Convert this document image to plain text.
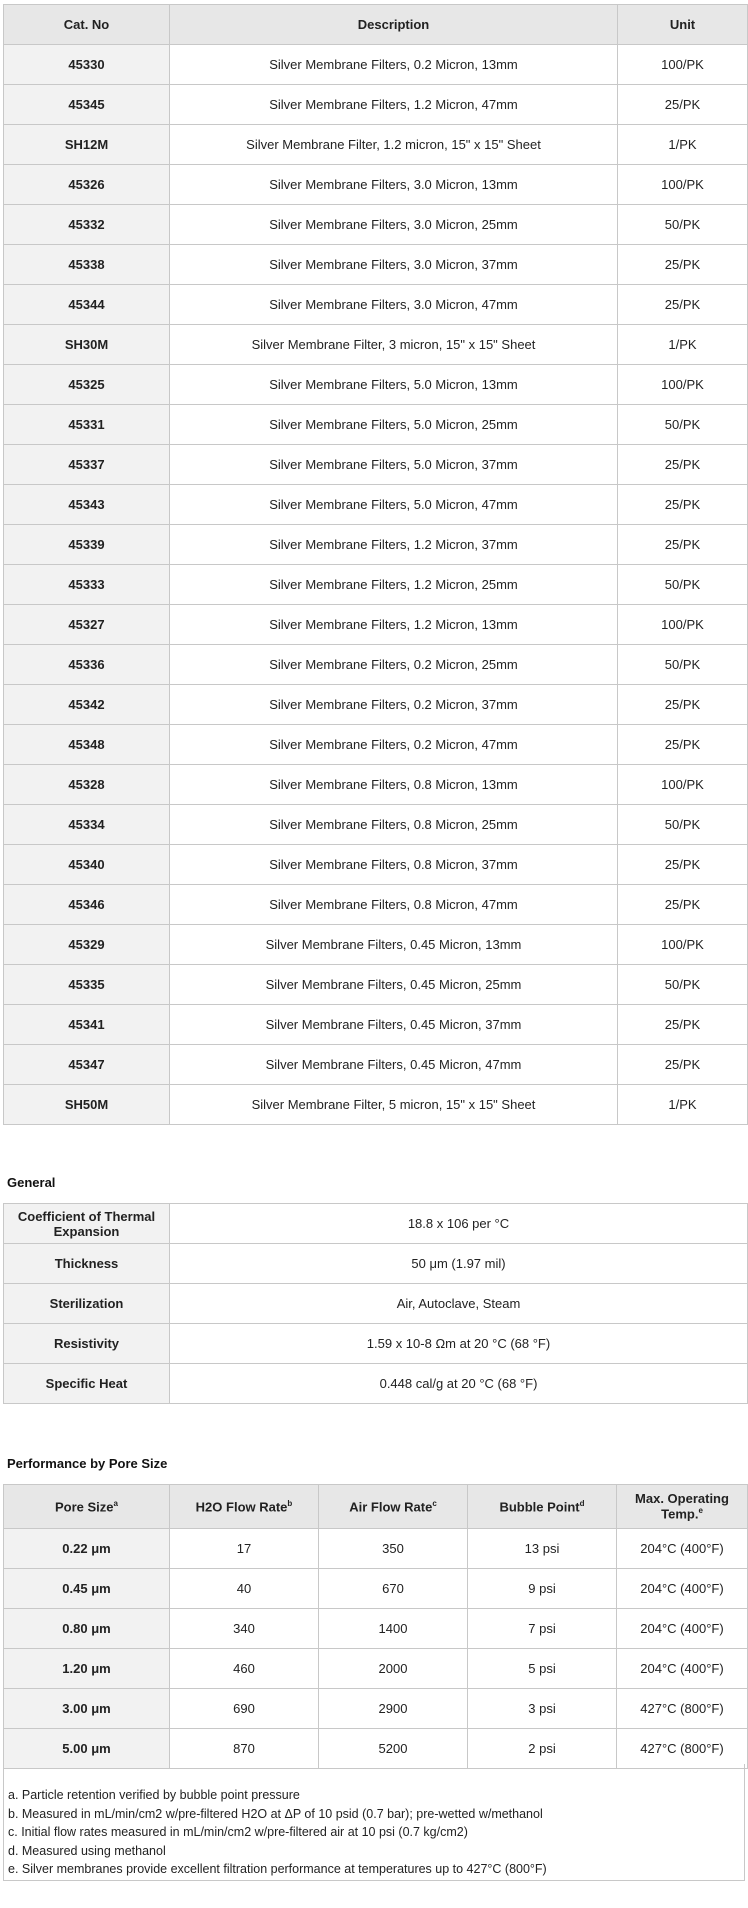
Cat. No	Description	Unit
45330	Silver Membrane Filters, 0.2 Micron, 13mm	100/PK
45345	Silver Membrane Filters, 1.2 Micron, 47mm	25/PK
SH12M	Silver Membrane Filter, 1.2 micron, 15" x 15" Sheet	1/PK
45326	Silver Membrane Filters, 3.0 Micron, 13mm	100/PK
45332	Silver Membrane Filters, 3.0 Micron, 25mm	50/PK
45338	Silver Membrane Filters, 3.0 Micron, 37mm	25/PK
45344	Silver Membrane Filters, 3.0 Micron, 47mm	25/PK
SH30M	Silver Membrane Filter, 3 micron, 15" x 15" Sheet	1/PK
45325	Silver Membrane Filters, 5.0 Micron, 13mm	100/PK
45331	Silver Membrane Filters, 5.0 Micron, 25mm	50/PK
45337	Silver Membrane Filters, 5.0 Micron, 37mm	25/PK
45343	Silver Membrane Filters, 5.0 Micron, 47mm	25/PK
45339	Silver Membrane Filters, 1.2 Micron, 37mm	25/PK
45333	Silver Membrane Filters, 1.2 Micron, 25mm	50/PK
45327	Silver Membrane Filters, 1.2 Micron, 13mm	100/PK
45336	Silver Membrane Filters, 0.2 Micron, 25mm	50/PK
45342	Silver Membrane Filters, 0.2 Micron, 37mm	25/PK
45348	Silver Membrane Filters, 0.2 Micron, 47mm	25/PK
45328	Silver Membrane Filters, 0.8 Micron, 13mm	100/PK
45334	Silver Membrane Filters, 0.8 Micron, 25mm	50/PK
45340	Silver Membrane Filters, 0.8 Micron, 37mm	25/PK
45346	Silver Membrane Filters, 0.8 Micron, 47mm	25/PK
45329	Silver Membrane Filters, 0.45 Micron, 13mm	100/PK
45335	Silver Membrane Filters, 0.45 Micron, 25mm	50/PK
45341	Silver Membrane Filters, 0.45 Micron, 37mm	25/PK
45347	Silver Membrane Filters, 0.45 Micron, 47mm	25/PK
SH50M	Silver Membrane Filter, 5 micron, 15" x 15" Sheet	1/PK
General
Coefficient of Thermal Expansion	18.8 x 106 per °C
Thickness	50 μm (1.97 mil)
Sterilization	Air, Autoclave, Steam
Resistivity	1.59 x 10-8 Ωm at 20 °C (68 °F)
Specific Heat	0.448 cal/g at 20 °C (68 °F)
Performance by Pore Size
Pore Size$^a$	H2O Flow Rate$^b$	Air Flow Rate$^c$	Bubble Point$^d$	Max. Operating Temp.$^e$
0.22 μm	17	350	13 psi	204°C (400°F)
0.45 μm	40	670	9 psi	204°C (400°F)
0.80 μm	340	1400	7 psi	204°C (400°F)
1.20 μm	460	2000	5 psi	204°C (400°F)
3.00 μm	690	2900	3 psi	427°C (800°F)
5.00 μm	870	5200	2 psi	427°C (800°F)
a. Particle retention verified by bubble point pressure
b. Measured in mL/min/cm2 w/pre-filtered H2O at ΔP of 10 psid (0.7 bar); pre-wetted w/methanol
c. Initial flow rates measured in mL/min/cm2 w/pre-filtered air at 10 psi (0.7 kg/cm2)
d. Measured using methanol
e. Silver membranes provide excellent filtration performance at temperatures up to 427°C (800°F)
